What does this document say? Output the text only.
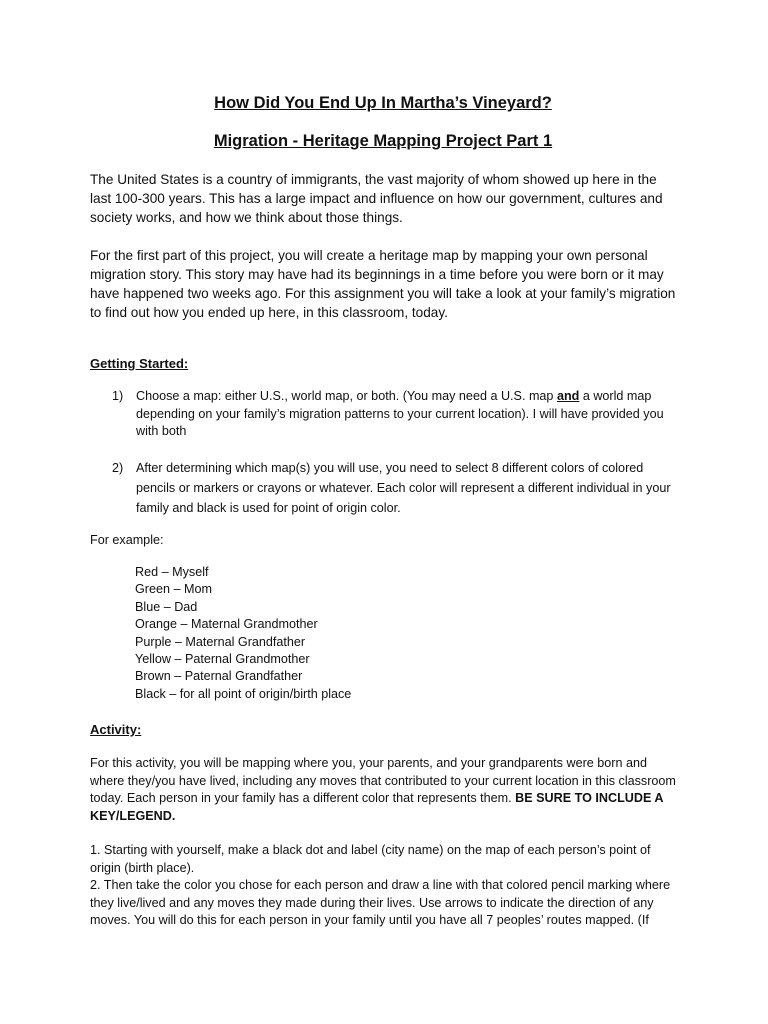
How Did You End Up In Martha’s Vineyard?
Migration - Heritage Mapping Project Part 1
The United States is a country of immigrants, the vast majority of whom showed up here in the last 100-300 years. This has a large impact and influence on how our government, cultures and society works, and how we think about those things.
For the first part of this project, you will create a heritage map by mapping your own personal migration story. This story may have had its beginnings in a time before you were born or it may have happened two weeks ago. For this assignment you will take a look at your family’s migration to find out how you ended up here, in this classroom, today.
Getting Started:
1) Choose a map: either U.S., world map, or both. (You may need a U.S. map and a world map depending on your family’s migration patterns to your current location). I will have provided you with both
2) After determining which map(s) you will use, you need to select 8 different colors of colored pencils or markers or crayons or whatever. Each color will represent a different individual in your family and black is used for point of origin color.
For example:
Red – Myself
Green – Mom
Blue – Dad
Orange – Maternal Grandmother
Purple – Maternal Grandfather
Yellow – Paternal Grandmother
Brown – Paternal Grandfather
Black – for all point of origin/birth place
Activity:
For this activity, you will be mapping where you, your parents, and your grandparents were born and where they/you have lived, including any moves that contributed to your current location in this classroom today. Each person in your family has a different color that represents them. BE SURE TO INCLUDE A KEY/LEGEND.
1. Starting with yourself, make a black dot and label (city name) on the map of each person’s point of origin (birth place).
2. Then take the color you chose for each person and draw a line with that colored pencil marking where they live/lived and any moves they made during their lives. Use arrows to indicate the direction of any moves. You will do this for each person in your family until you have all 7 peoples’ routes mapped. (If
